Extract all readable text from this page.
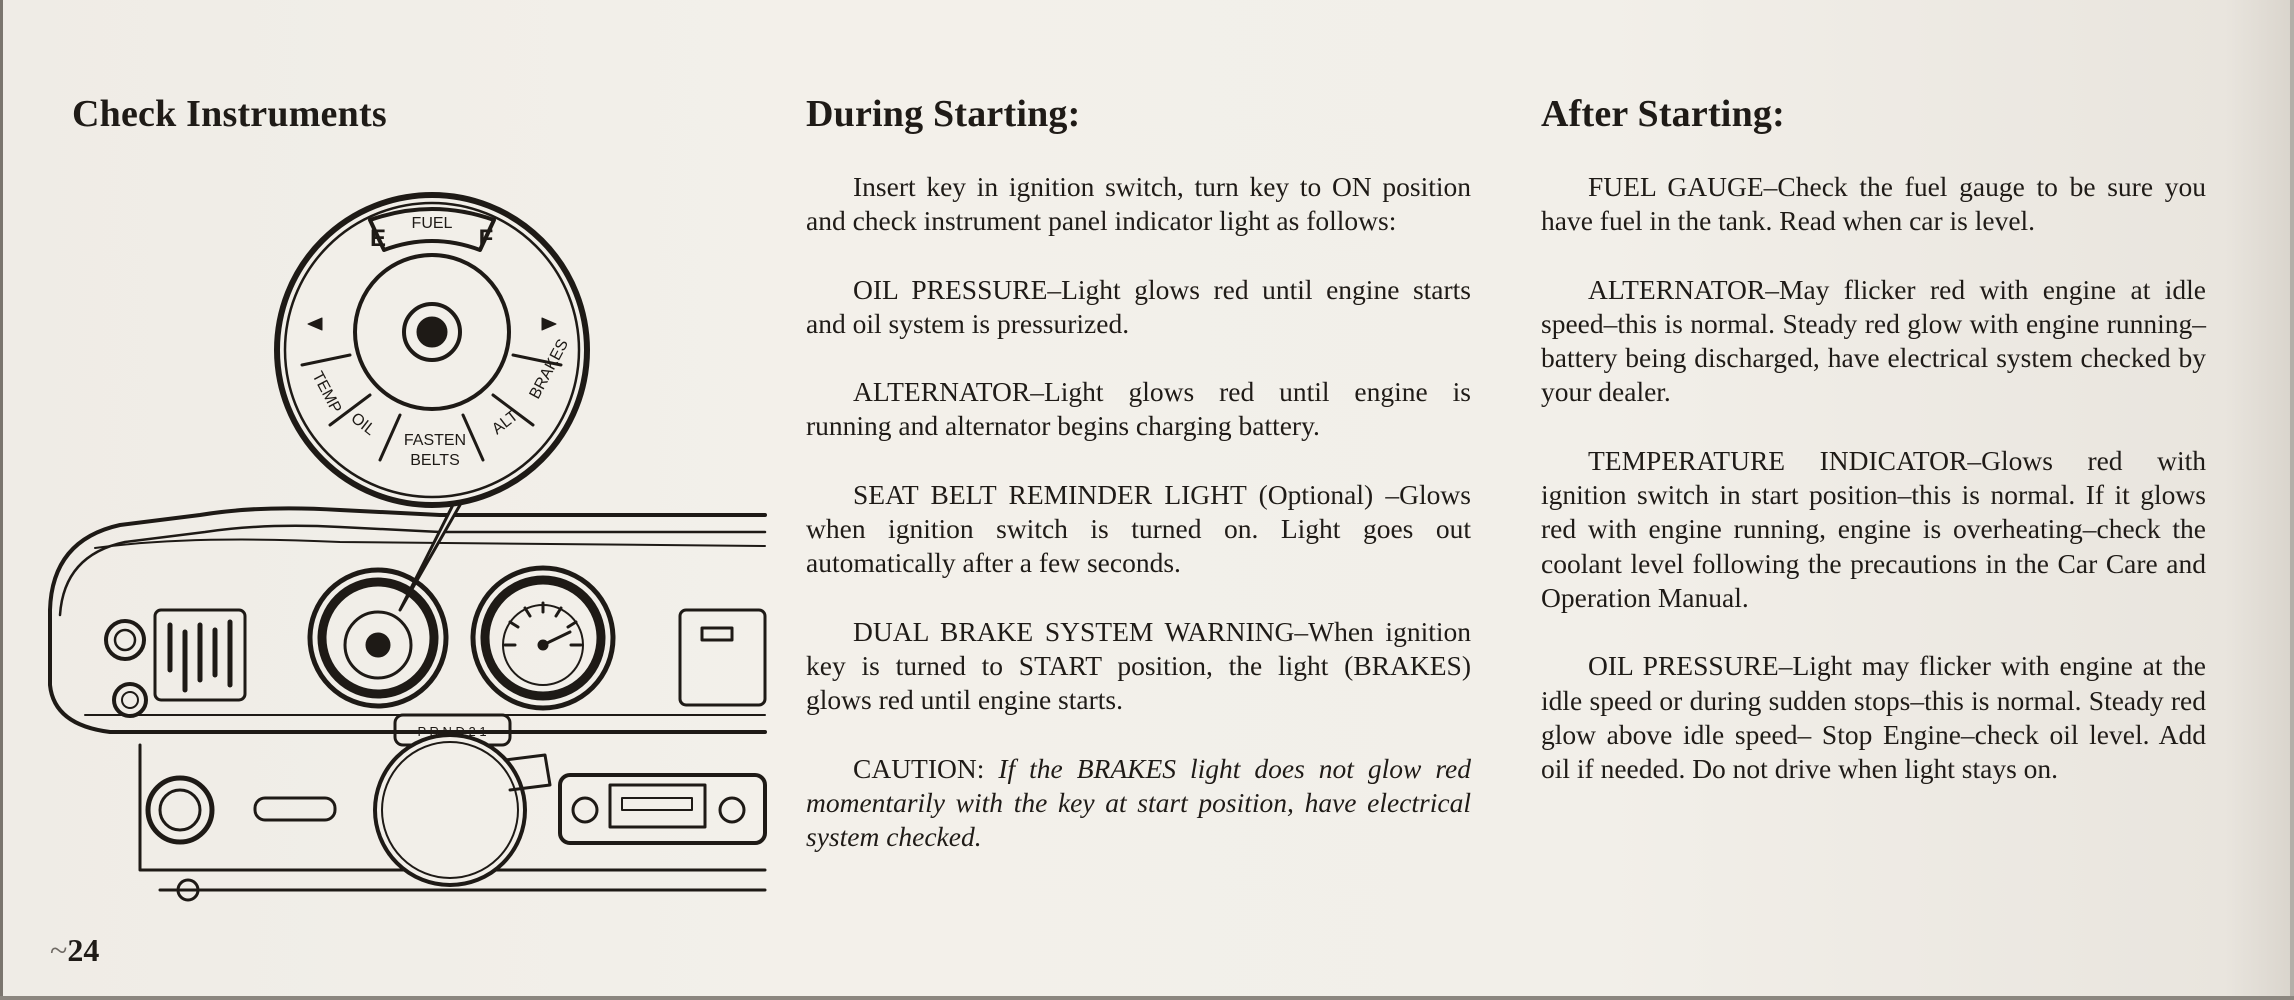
Check Instruments
FUEL
E	F
TEMP
OIL
FASTEN
BELTS
ALT
BRAKES
P R N D 2 1
~24
During Starting:

Insert key in ignition switch, turn key to ON position and check instrument panel indicator light as follows:

OIL PRESSURE–Light glows red until engine starts and oil system is pressurized.

ALTERNATOR–Light glows red until engine is running and alternator begins charging battery.

SEAT BELT REMINDER LIGHT (Optional) –Glows when ignition switch is turned on. Light goes out automatically after a few seconds.

DUAL BRAKE SYSTEM WARNING–When ignition key is turned to START position, the light (BRAKES) glows red until engine starts.

CAUTION: If the BRAKES light does not glow red momentarily with the key at start position, have electrical system checked.

After Starting:

FUEL GAUGE–Check the fuel gauge to be sure you have fuel in the tank. Read when car is level.

ALTERNATOR–May flicker red with engine at idle speed–this is normal. Steady red glow with engine running–battery being discharged, have electrical system checked by your dealer.

TEMPERATURE INDICATOR–Glows red with ignition switch in start position–this is normal. If it glows red with engine running, engine is overheating–check the coolant level following the precautions in the Car Care and Operation Manual.

OIL PRESSURE–Light may flicker with engine at the idle speed or during sudden stops–this is normal. Steady red glow above idle speed– Stop Engine–check oil level. Add oil if needed. Do not drive when light stays on.
